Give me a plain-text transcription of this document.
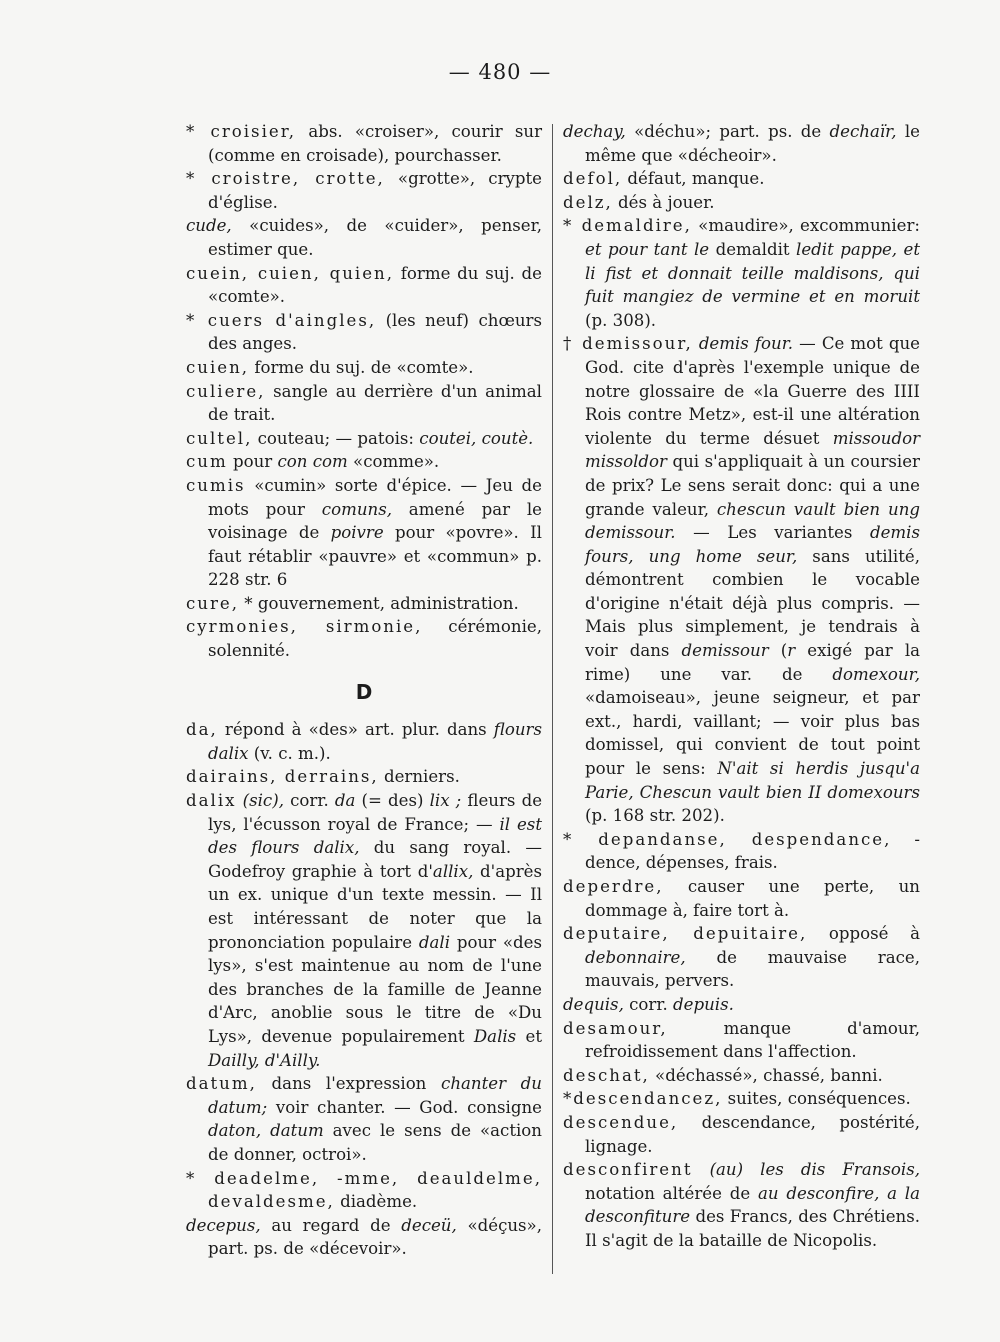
— 480 —

* croisier, abs. «croiser», courir sur (comme en croisade), pourchasser.

* croistre, crotte, «grotte», crypte d'église.

cude, «cuides», de «cuider», penser, estimer que.

cuein, cuien, quien, forme du suj. de «comte».

* cuers d'aingles, (les neuf) chœurs des anges.

cuien, forme du suj. de «comte».

culiere, sangle au derrière d'un animal de trait.

cultel, couteau; — patois: coutei, coutè.

cum pour con com «comme».

cumis «cumin» sorte d'épice. — Jeu de mots pour comuns, amené par le voisinage de poivre pour «povre». Il faut rétablir «pauvre» et «commun» p. 228 str. 6

cure, * gouvernement, administration.

cyrmonies, sirmonie, cérémonie, solennité.

D

da, répond à «des» art. plur. dans flours dalix (v. c. m.).

dairains, derrains, derniers.

dalix (sic), corr. da (= des) lix ; fleurs de lys, l'écusson royal de France; — il est des flours dalix, du sang royal. — Godefroy graphie à tort d'allix, d'après un ex. unique d'un texte messin. — Il est intéressant de noter que la prononciation populaire dali pour «des lys», s'est maintenue au nom de l'une des branches de la famille de Jeanne d'Arc, anoblie sous le titre de «Du Lys», devenue populairement Dalis et Dailly, d'Ailly.

datum, dans l'expression chanter du datum; voir chanter. — God. consigne daton, datum avec le sens de «action de donner, octroi».

* deadelme, -mme, deauldelme, devaldesme, diadème.

decepus, au regard de deceü, «déçus», part. ps. de «décevoir».

dechay, «déchu»; part. ps. de dechaïr, le même que «décheoir».

defol, défaut, manque.

delz, dés à jouer.

* demaldire, «maudire», excommunier: et pour tant le demaldit ledit pappe, et li fist et donnait teille maldisons, qui fuit mangiez de vermine et en moruit (p. 308).

† demissour, demis four. — Ce mot que God. cite d'après l'exemple unique de notre glossaire de «la Guerre des IIII Rois contre Metz», est-il une altération violente du terme désuet missoudor missoldor qui s'appliquait à un coursier de prix? Le sens serait donc: qui a une grande valeur, chescun vault bien ung demissour. — Les variantes demis fours, ung home seur, sans utilité, démontrent combien le vocable d'origine n'était déjà plus compris. — Mais plus simplement, je tendrais à voir dans demissour (r exigé par la rime) une var. de domexour, «damoiseau», jeune seigneur, et par ext., hardi, vaillant; — voir plus bas domissel, qui convient de tout point pour le sens: N'ait si herdis jusqu'a Parie, Chescun vault bien II domexours (p. 168 str. 202).

* depandanse, despendance, -dence, dépenses, frais.

deperdre, causer une perte, un dommage à, faire tort à.

deputaire, depuitaire, opposé à debonnaire, de mauvaise race, mauvais, pervers.

dequis, corr. depuis.

desamour, manque d'amour, refroidissement dans l'affection.

deschat, «déchassé», chassé, banni.

*descendancez, suites, conséquences.

descendue, descendance, postérité, lignage.

desconfirent (au) les dis Fransois, notation altérée de au desconfire, a la desconfiture des Francs, des Chrétiens. Il s'agit de la bataille de Nicopolis.
